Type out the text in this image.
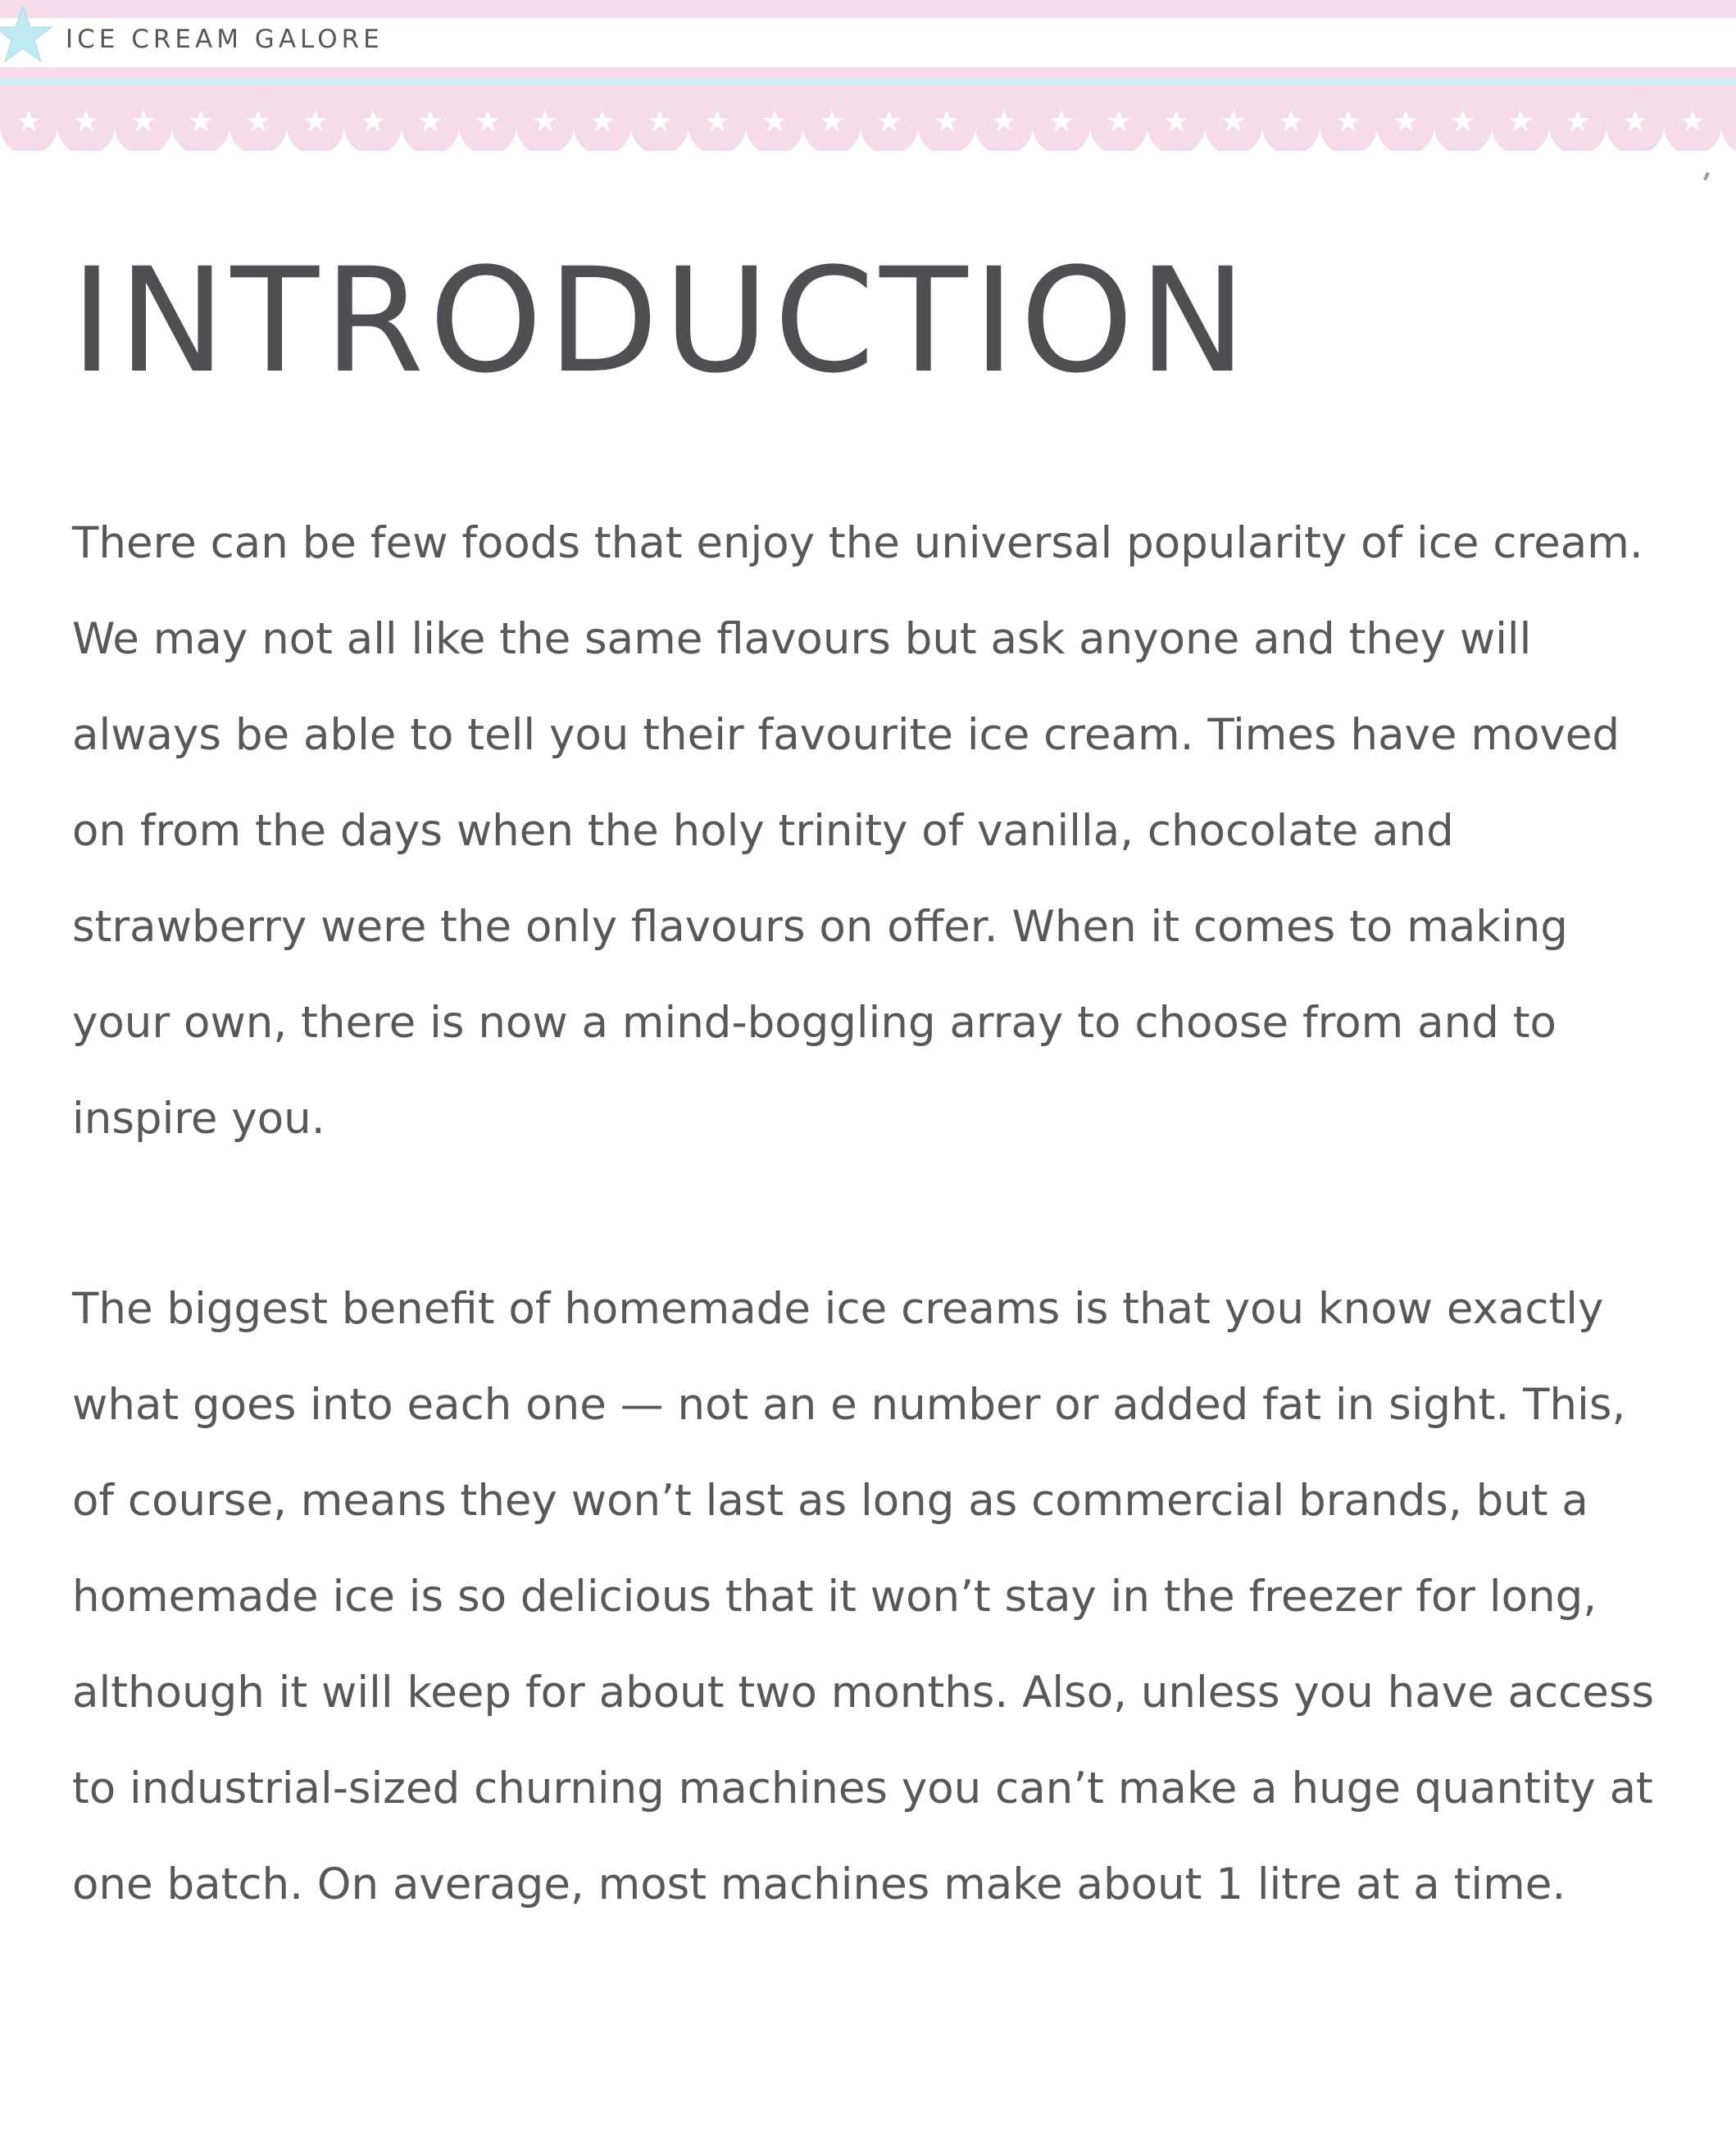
ICE CREAM GALORE
INTRODUCTION

There can be few foods that enjoy the universal popularity of ice cream. We may not all like the same flavours but ask anyone and they will always be able to tell you their favourite ice cream. Times have moved on from the days when the holy trinity of vanilla, chocolate and strawberry were the only flavours on offer. When it comes to making your own, there is now a mind-boggling array to choose from and to inspire you.

The biggest benefit of homemade ice creams is that you know exactly what goes into each one — not an e number or added fat in sight. This, of course, means they won’t last as long as commercial brands, but a homemade ice is so delicious that it won’t stay in the freezer for long, although it will keep for about two months. Also, unless you have access to industrial-sized churning machines you can’t make a huge quantity at one batch. On average, most machines make about 1 litre at a time.
